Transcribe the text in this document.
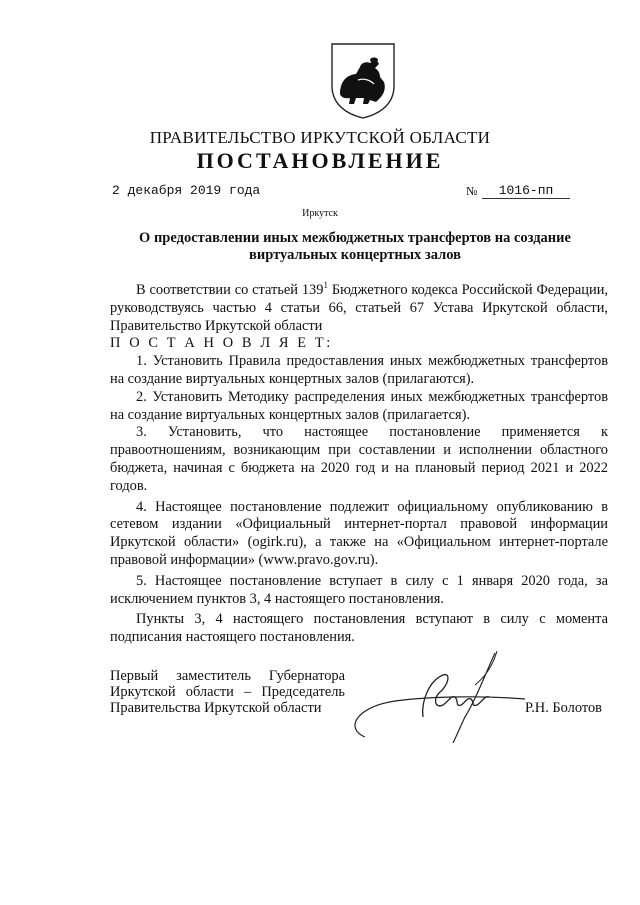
ПРАВИТЕЛЬСТВО ИРКУТСКОЙ ОБЛАСТИ
ПОСТАНОВЛЕНИЕ
2 декабря 2019 года	№	1016-пп
Иркутск
О предоставлении иных межбюджетных трансфертов на создание
виртуальных концертных залов

В соответствии со статьей $139^1$ Бюджетного кодекса Российской Федерации, руководствуясь частью 4 статьи 66, статьей 67 Устава Иркутской области, Правительство Иркутской области

П О С Т А Н О В Л Я Е Т:

1. Установить Правила предоставления иных межбюджетных трансфертов на создание виртуальных концертных залов (прилагаются).

2. Установить Методику распределения иных межбюджетных трансфертов на создание виртуальных концертных залов (прилагается).

3. Установить, что настоящее постановление применяется к правоотношениям, возникающим при составлении и исполнении областного бюджета, начиная с бюджета на 2020 год и на плановый период 2021 и 2022 годов.

4. Настоящее постановление подлежит официальному опубликованию в сетевом издании «Официальный интернет-портал правовой информации Иркутской области» (ogirk.ru), а также на «Официальном интернет-портале правовой информации» (www.pravo.gov.ru).

5. Настоящее постановление вступает в силу с 1 января 2020 года, за исключением пунктов 3, 4 настоящего постановления.

Пункты 3, 4 настоящего постановления вступают в силу с момента подписания настоящего постановления.

Первый заместитель Губернатора
Иркутской области – Председатель
Правительства Иркутской области	Р.Н. Болотов
